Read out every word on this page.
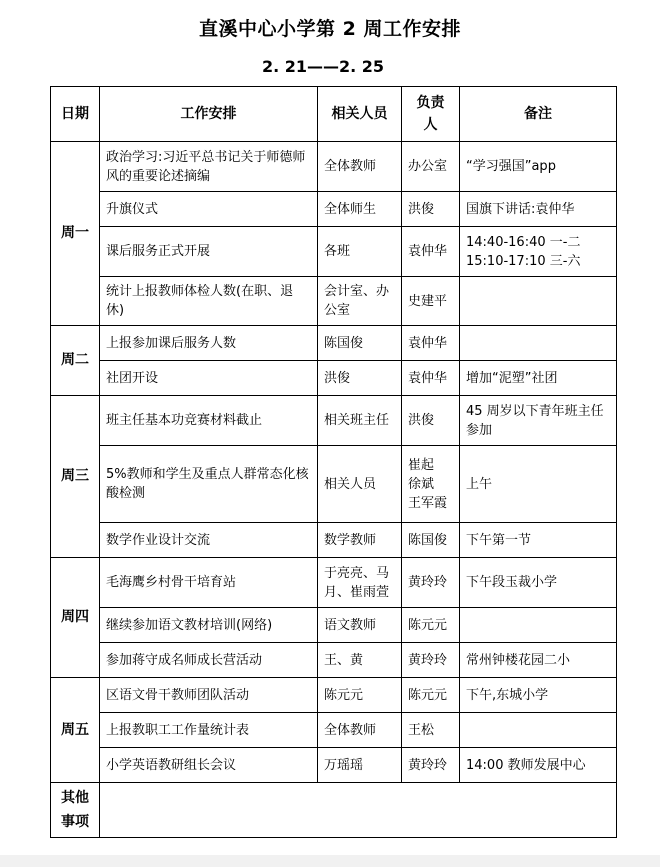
直溪中心小学第 2 周工作安排
2. 21——2. 25
日期	工作安排	相关人员	负责人	备注
周一	政治学习:习近平总书记关于师德师风的重要论述摘编	全体教师	办公室	“学习强国”app
	升旗仪式	全体师生	洪俊	国旗下讲话:袁仲华
	课后服务正式开展	各班	袁仲华	14:40-16:40 一-二
15:10-17:10 三-六
	统计上报教师体检人数(在职、退休)	会计室、办公室	史建平	
周二	上报参加课后服务人数	陈国俊	袁仲华	
	社团开设	洪俊	袁仲华	增加“泥塑”社团
周三	班主任基本功竞赛材料截止	相关班主任	洪俊	45 周岁以下青年班主任参加
	5%教师和学生及重点人群常态化核酸检测	相关人员	崔起
徐斌
王军霞	上午
	数学作业设计交流	数学教师	陈国俊	下午第一节
周四	毛海鹰乡村骨干培育站	于亮亮、马月、崔雨萱	黄玲玲	下午段玉裁小学
	继续参加语文教材培训(网络)	语文教师	陈元元	
	参加蒋守成名师成长营活动	王、黄	黄玲玲	常州钟楼花园二小
周五	区语文骨干教师团队活动	陈元元	陈元元	下午,东城小学
	上报教职工工作量统计表	全体教师	王松	
	小学英语教研组长会议	万瑶瑶	黄玲玲	14:00 教师发展中心
其他事项				
